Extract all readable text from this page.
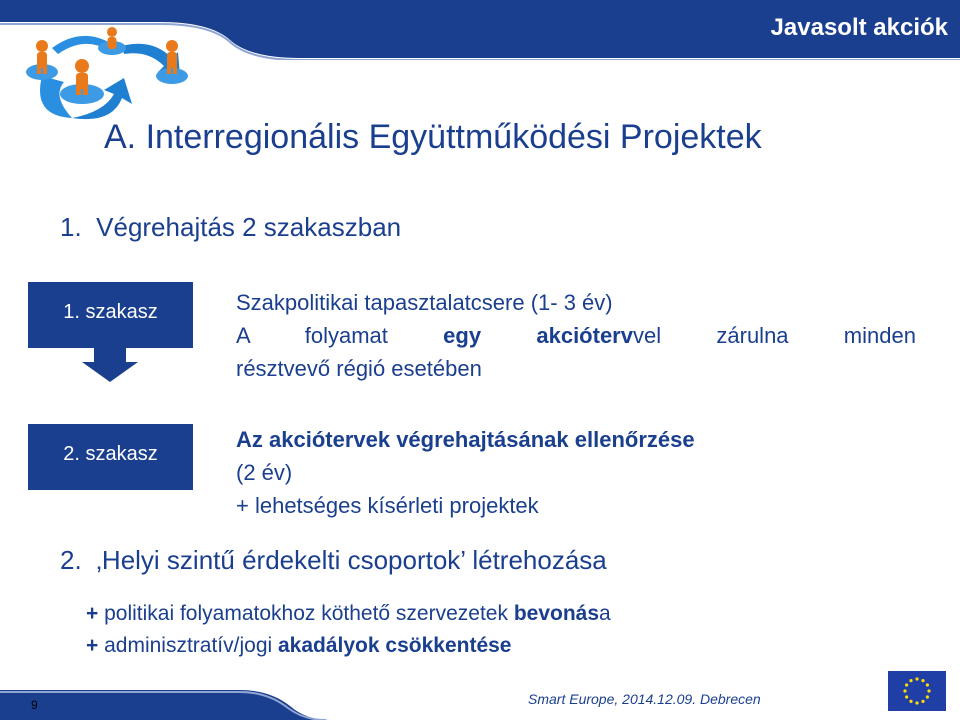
Javasolt akciók
A. Interregionális Együttműködési Projektek
1. Végrehajtás 2 szakaszban
1. szakasz
2. szakasz
Szakpolitikai tapasztalatcsere (1- 3 év)
A folyamat egy	akciótervvel zárulna minden
résztvevő régió esetében
Az akciótervek végrehajtásának ellenőrzése
(2 év)
+ lehetséges kísérleti projektek
2. ‚Helyi szintű érdekelti csoportok’ létrehozása
+ politikai folyamatokhoz köthető szervezetek bevonása
+ adminisztratív/jogi akadályok csökkentése
9	Smart Europe, 2014.12.09. Debrecen
